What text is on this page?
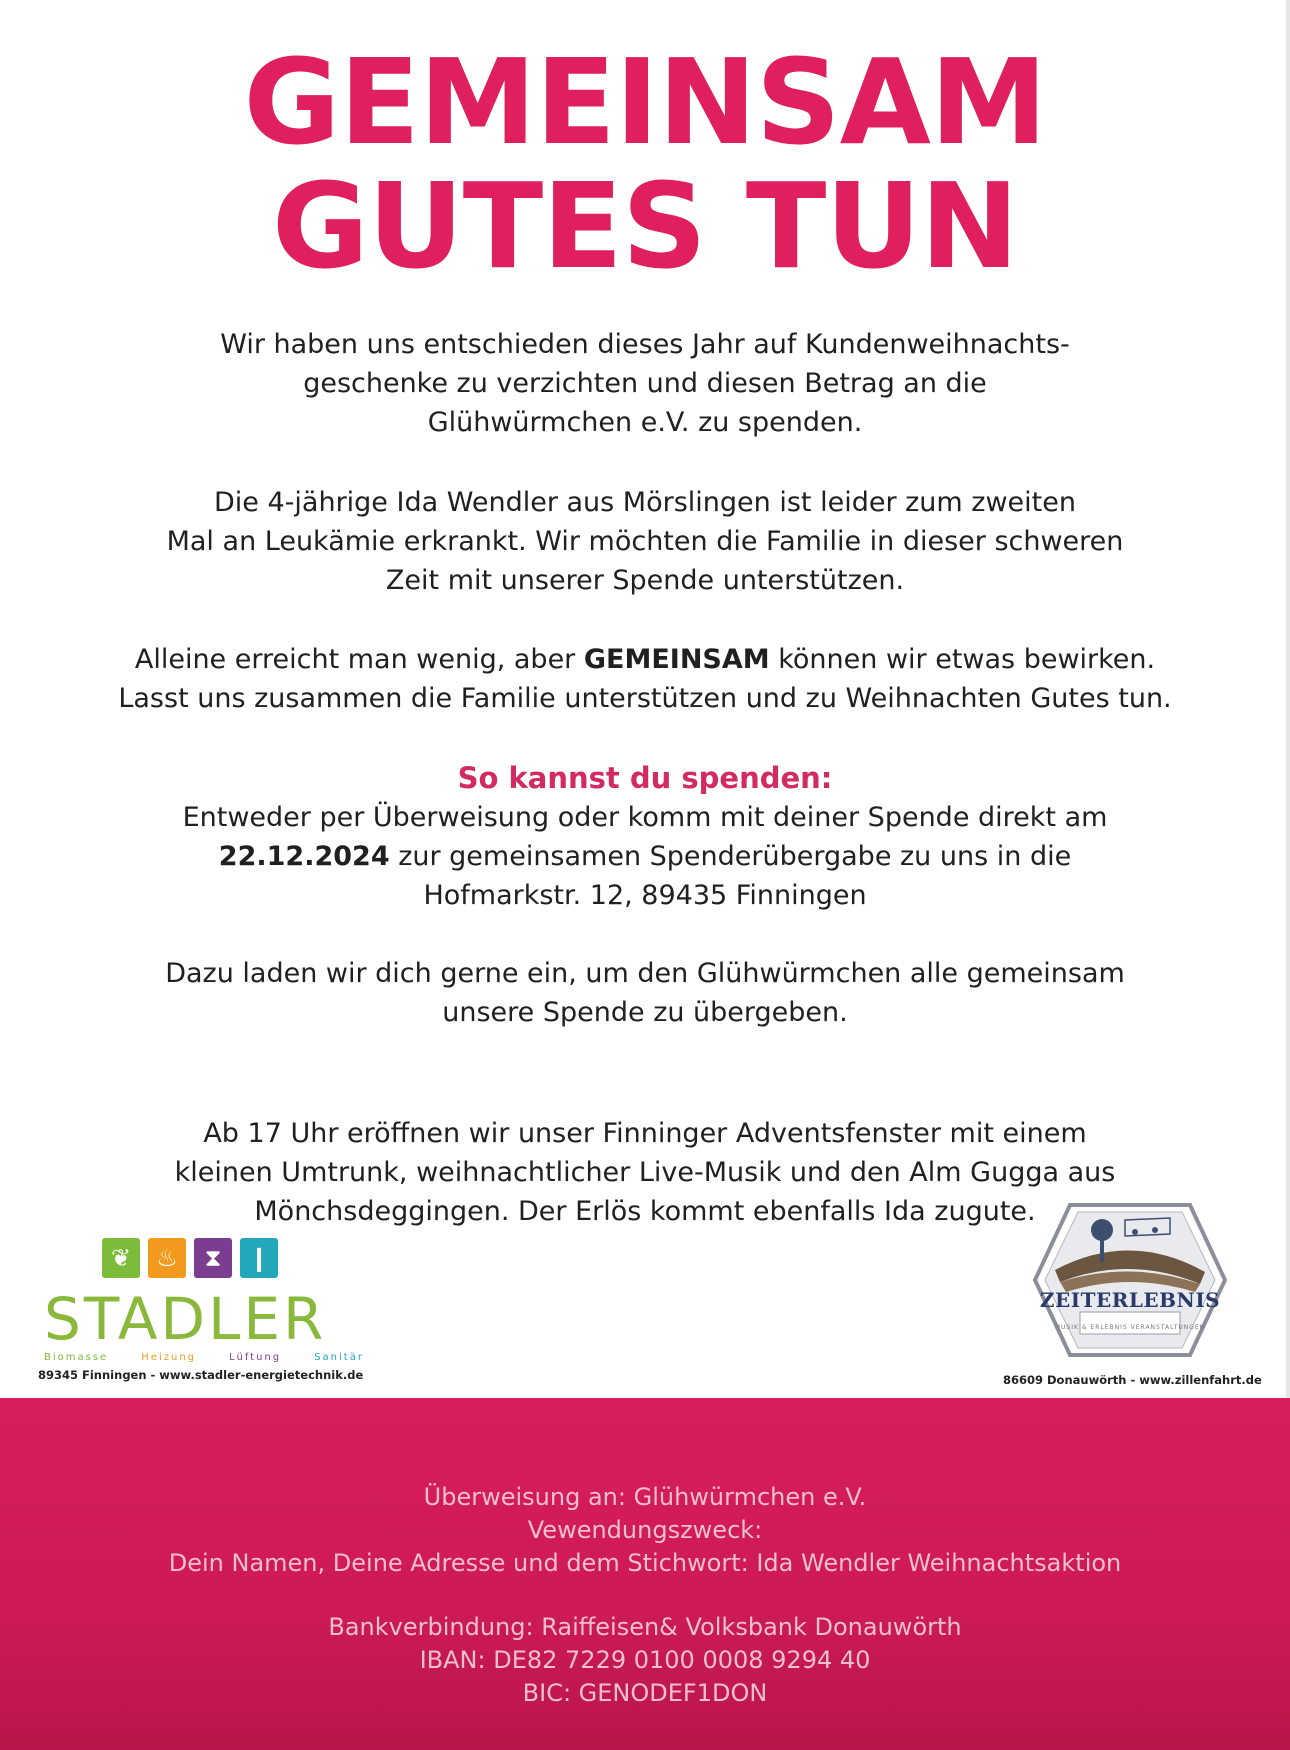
GEMEINSAM
GUTES TUN

Wir haben uns entschieden dieses Jahr auf Kundenweihnachts-
geschenke zu verzichten und diesen Betrag an die
Glühwürmchen e.V. zu spenden.

Die 4-jährige Ida Wendler aus Mörslingen ist leider zum zweiten
Mal an Leukämie erkrankt. Wir möchten die Familie in dieser schweren
Zeit mit unserer Spende unterstützen.

Alleine erreicht man wenig, aber GEMEINSAM können wir etwas bewirken.
Lasst uns zusammen die Familie unterstützen und zu Weihnachten Gutes tun.

So kannst du spenden:

Entweder per Überweisung oder komm mit deiner Spende direkt am
22.12.2024 zur gemeinsamen Spenderübergabe zu uns in die
Hofmarkstr. 12, 89435 Finningen

Dazu laden wir dich gerne ein, um den Glühwürmchen alle gemeinsam
unsere Spende zu übergeben.

Ab 17 Uhr eröffnen wir unser Finninger Adventsfenster mit einem
kleinen Umtrunk, weihnachtlicher Live-Musik und den Alm Gugga aus
Mönchsdeggingen. Der Erlös kommt ebenfalls Ida zugute.

❦	♨	⧗	❙
STADLER
Biomasse	Heizung	Lüftung	Sanitär
89345 Finningen - www.stadler-energietechnik.de
ZEITERLEBNIS
MUSIK & ERLEBNIS VERANSTALTUNGEN
86609 Donauwörth - www.zillenfahrt.de

Überweisung an: Glühwürmchen e.V.
Vewendungszweck:
Dein Namen, Deine Adresse und dem Stichwort: Ida Wendler Weihnachtsaktion

Bankverbindung: Raiffeisen& Volksbank Donauwörth
IBAN: DE82 7229 0100 0008 9294 40
BIC: GENODEF1DON
